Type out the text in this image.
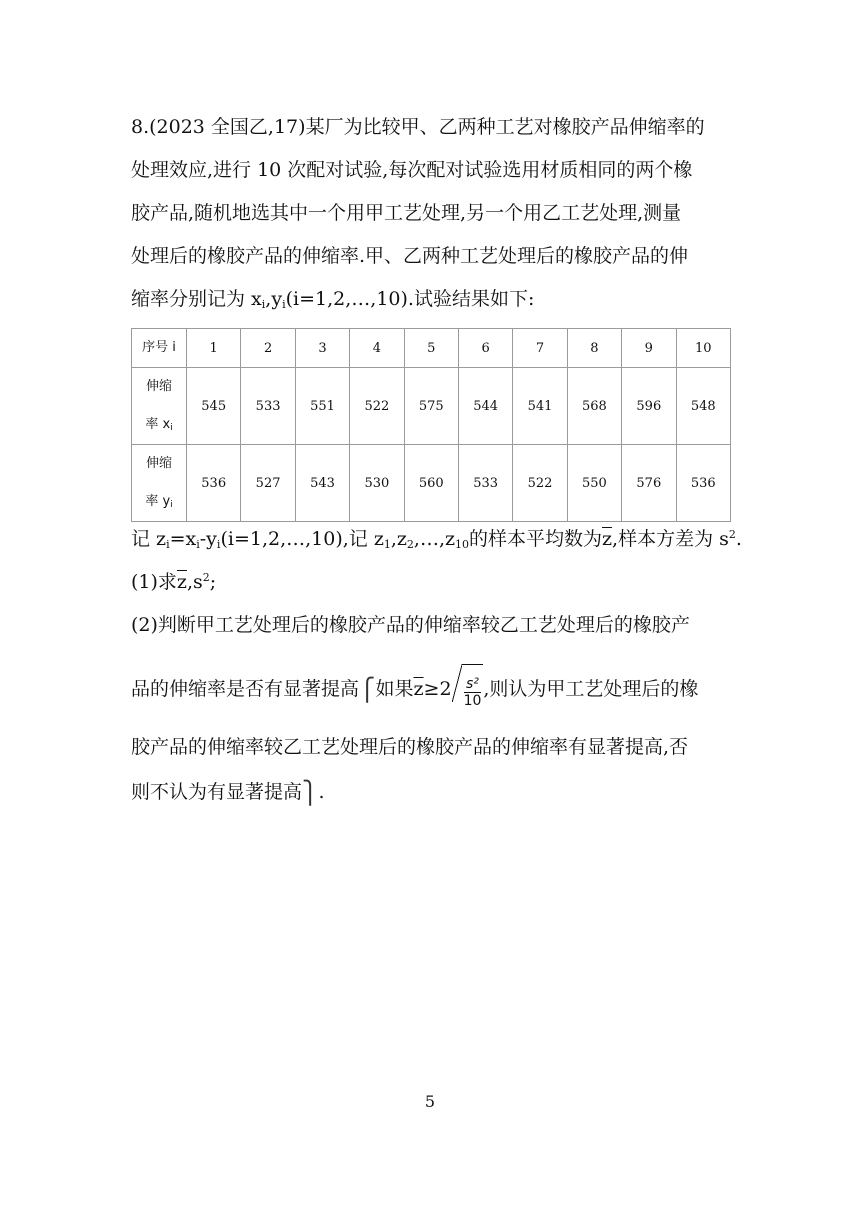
8.(2023 全国乙,17)某厂为比较甲、乙两种工艺对橡胶产品伸缩率的
处理效应,进行 10 次配对试验,每次配对试验选用材质相同的两个橡
胶产品,随机地选其中一个用甲工艺处理,另一个用乙工艺处理,测量
处理后的橡胶产品的伸缩率.甲、乙两种工艺处理后的橡胶产品的伸
缩率分别记为 $x_i,y_i(i=1,2,\dots,10)$.试验结果如下:
序号 i	1	2	3	4	5	6	7	8	9	10
伸缩
率 $x_i$	545	533	551	522	575	544	541	568	596	548
伸缩
率 $y_i$	536	527	543	530	560	533	522	550	576	536
记 $z_i=x_i-y_i(i=1,2,\dots,10)$,记 $z_1,z_2,\dots,z_{10}$的样本平均数为$\overline{z}$,样本方差为 $s^2$.
(1)求$\overline{z},s^2$;
(2)判断甲工艺处理后的橡胶产品的伸缩率较乙工艺处理后的橡胶产
品的伸缩率是否有显著提高⎧如果$\overline{z}\ge 2 \frac{\text{s²}}{10}$ ,则认为甲工艺处理后的橡
胶产品的伸缩率较乙工艺处理后的橡胶产品的伸缩率有显著提高,否
则不认为有显著提高⎫.
5
